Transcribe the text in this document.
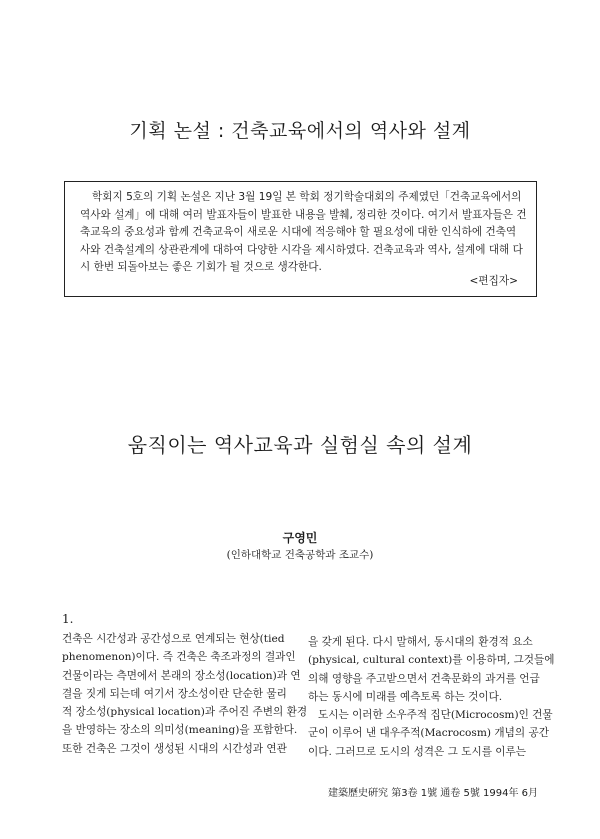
기획 논설 : 건축교육에서의 역사와 설계
학회지 5호의 기획 논설은 지난 3월 19일 본 학회 정기학술대회의 주제였던「건축교육에서의
역사와 설계」에 대해 여러 발표자들이 발표한 내용을 발췌, 정리한 것이다. 여기서 발표자들은 건
축교육의 중요성과 함께 건축교육이 새로운 시대에 적응해야 할 필요성에 대한 인식하에 건축역
사와 건축설계의 상관관계에 대하여 다양한 시각을 제시하였다. 건축교육과 역사, 설계에 대해 다
시 한번 되돌아보는 좋은 기회가 될 것으로 생각한다.
<편집자>
움직이는 역사교육과 실험실 속의 설계
구영민
(인하대학교 건축공학과 조교수)
1.
건축은 시간성과 공간성으로 연계되는 현상(tied
phenomenon)이다. 즉 건축은 축조과정의 결과인
건물이라는 측면에서 본래의 장소성(location)과 연
결을 짓게 되는데 여기서 장소성이란 단순한 물리
적 장소성(physical location)과 주어진 주변의 환경
을 반영하는 장소의 의미성(meaning)을 포함한다.
또한 건축은 그것이 생성된 시대의 시간성과 연관
을 갖게 된다. 다시 말해서, 동시대의 환경적 요소
(physical, cultural context)를 이용하며, 그것들에
의해 영향을 주고받으면서 건축문화의 과거를 언급
하는 동시에 미래를 예측토록 하는 것이다.
도시는 이러한 소우주적 집단(Microcosm)인 건물
군이 이루어 낸 대우주적(Macrocosm) 개념의 공간
이다. 그러므로 도시의 성격은 그 도시를 이루는
建築歷史硏究 第3卷 1號 通卷 5號 1994年 6月
